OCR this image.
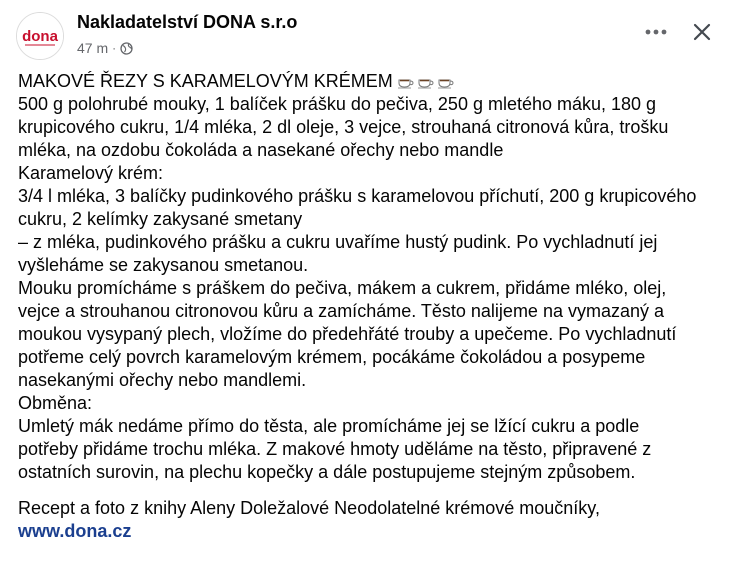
dona
Nakladatelství DONA s.r.o
47 m ·
MAKOVÉ ŘEZY S KARAMELOVÝM KRÉMEM
500 g polohrubé mouky, 1 balíček prášku do pečiva, 250 g mletého máku, 180 g
krupicového cukru, 1/4 mléka, 2 dl oleje, 3 vejce, strouhaná citronová kůra, trošku
mléka, na ozdobu čokoláda a nasekané ořechy nebo mandle
Karamelový krém:
3/4 l mléka, 3 balíčky pudinkového prášku s karamelovou příchutí, 200 g krupicového
cukru, 2 kelímky zakysané smetany
– z mléka, pudinkového prášku a cukru uvaříme hustý pudink. Po vychladnutí jej
vyšleháme se zakysanou smetanou.
Mouku promícháme s práškem do pečiva, mákem a cukrem, přidáme mléko, olej,
vejce a strouhanou citronovou kůru a zamícháme. Těsto nalijeme na vymazaný a
moukou vysypaný plech, vložíme do předehřáté trouby a upečeme. Po vychladnutí
potřeme celý povrch karamelovým krémem, pocákáme čokoládou a posypeme
nasekanými ořechy nebo mandlemi.
Obměna:
Umletý mák nedáme přímo do těsta, ale promícháme jej se lžící cukru a podle
potřeby přidáme trochu mléka. Z makové hmoty uděláme na těsto, připravené z
ostatních surovin, na plechu kopečky a dále postupujeme stejným způsobem.
Recept a foto z knihy Aleny Doležalové Neodolatelné krémové moučníky,
www.dona.cz
